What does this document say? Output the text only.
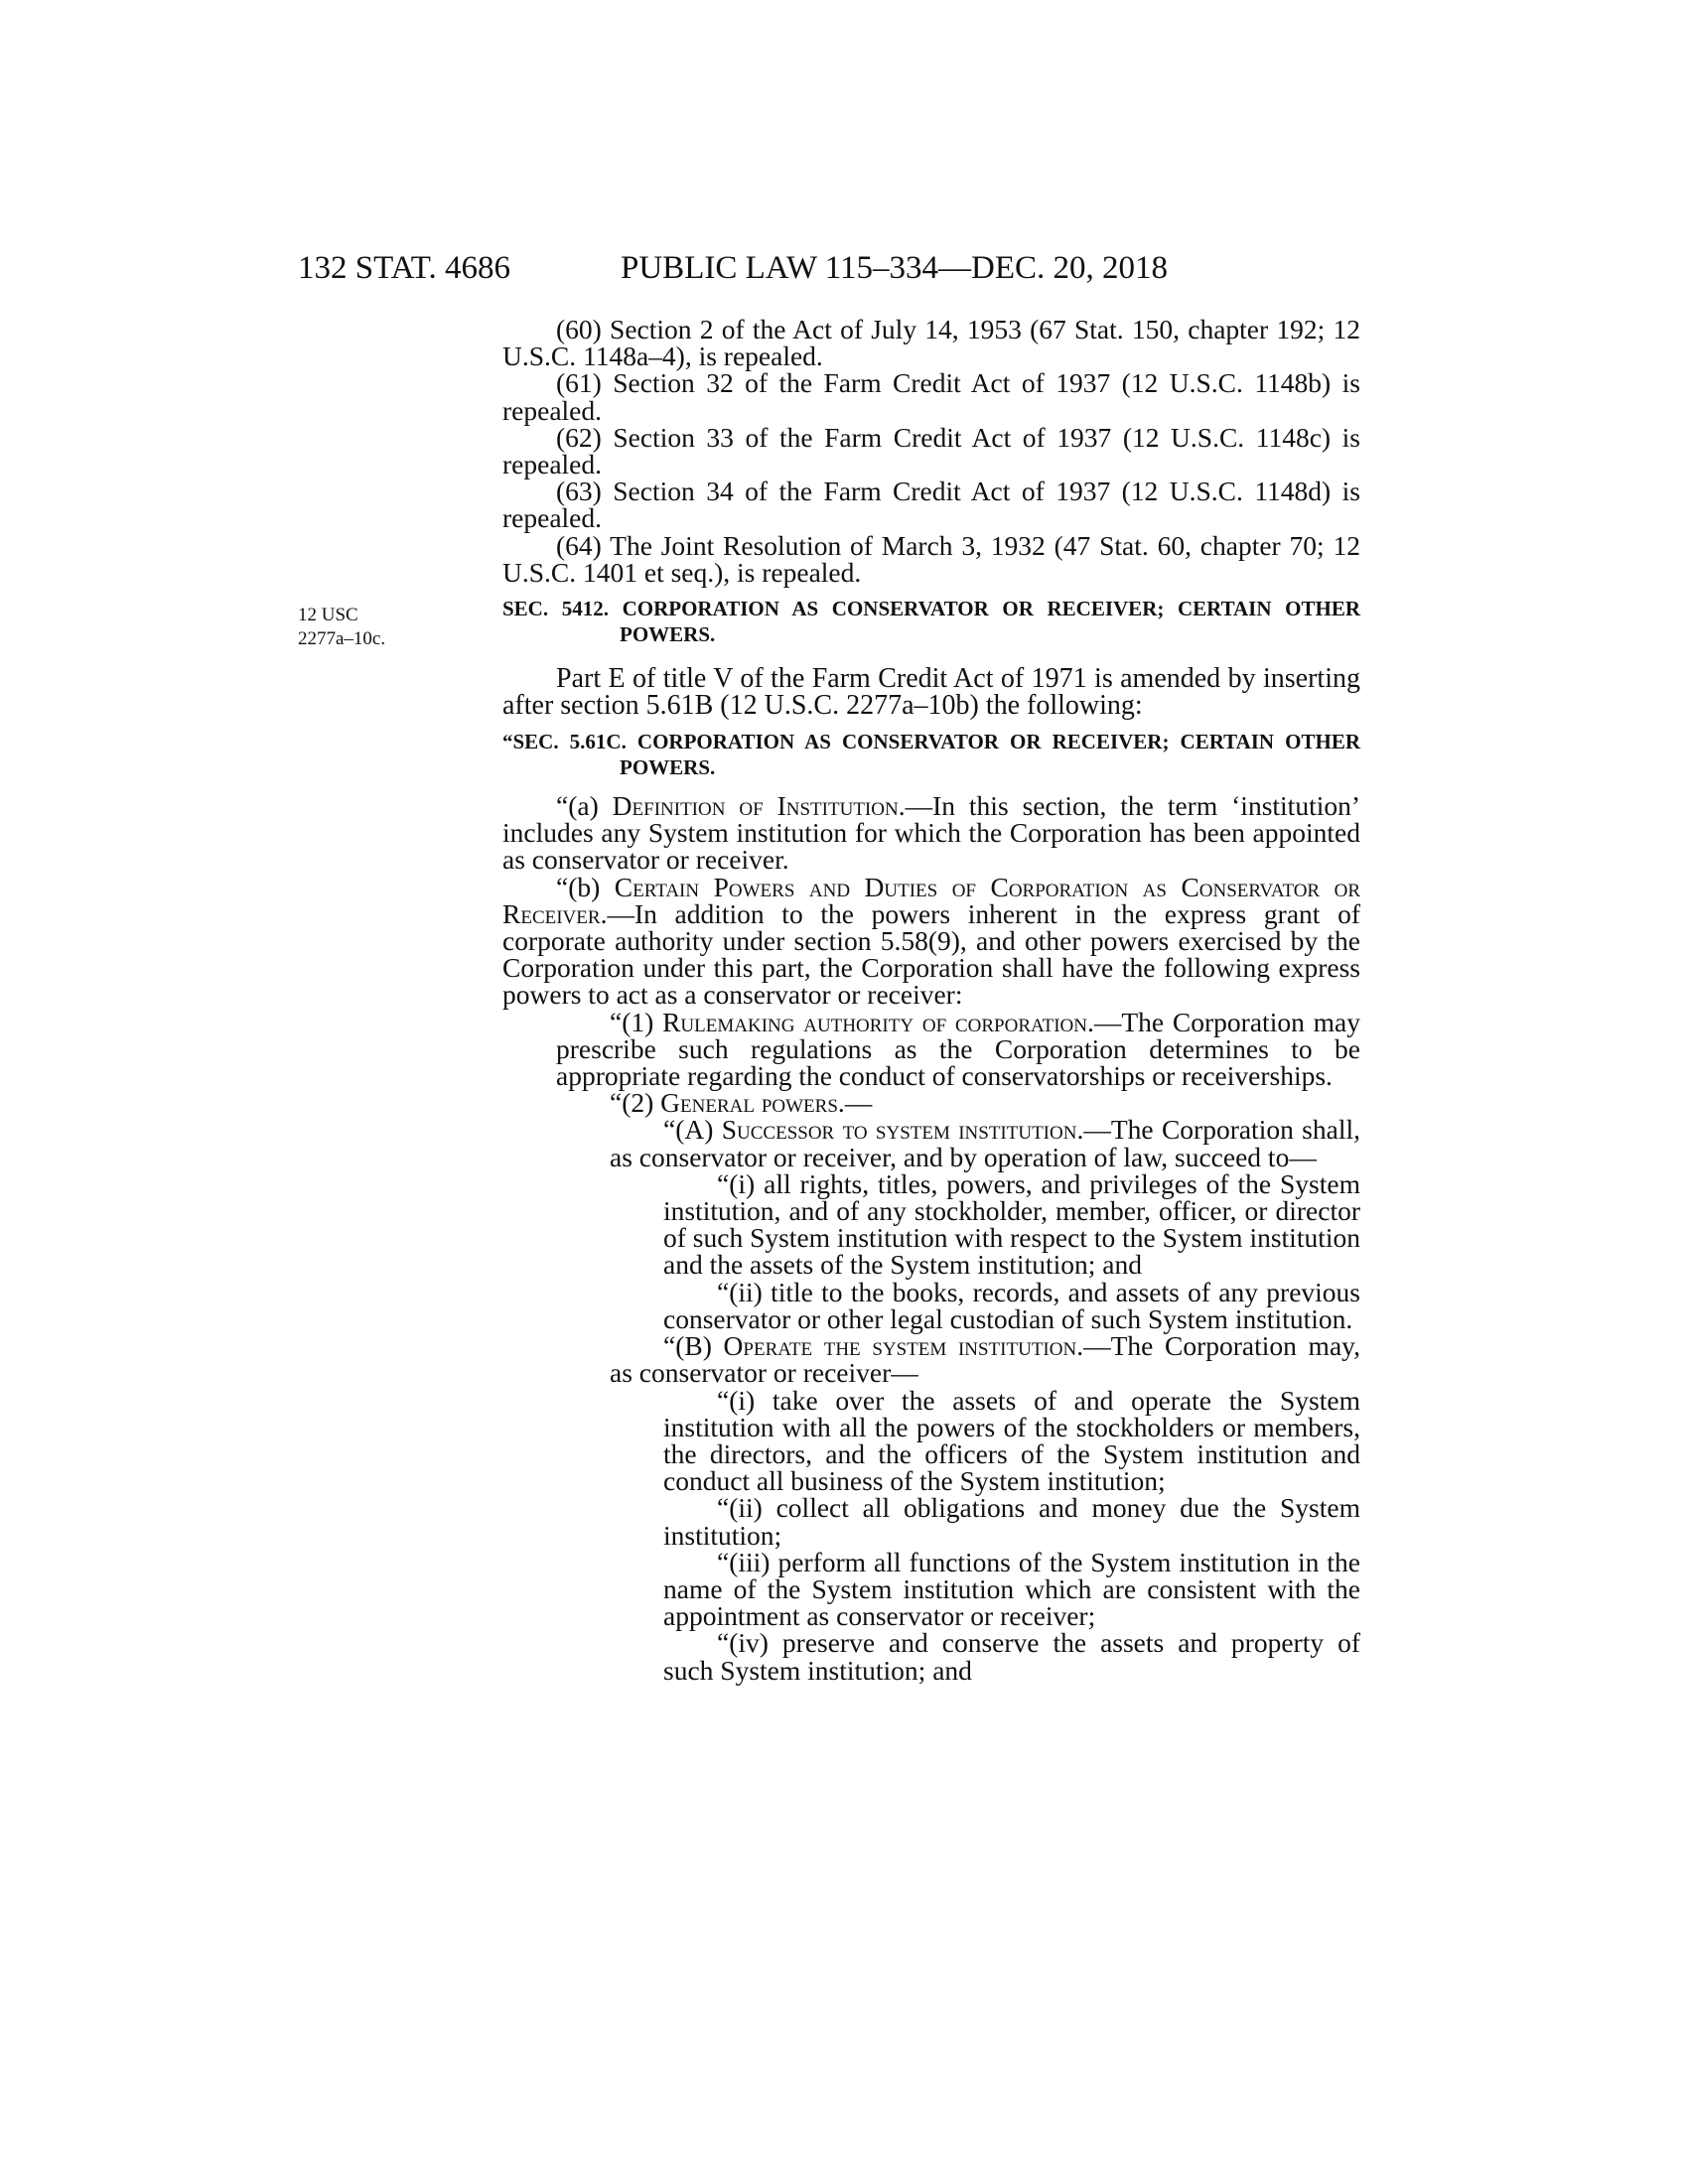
132 STAT. 4686	PUBLIC LAW 115–334—DEC. 20, 2018
12 USC
2277a–10c.

(60) Section 2 of the Act of July 14, 1953 (67 Stat. 150, chapter 192; 12 U.S.C. 1148a–4), is repealed.

(61) Section 32 of the Farm Credit Act of 1937 (12 U.S.C. 1148b) is repealed.

(62) Section 33 of the Farm Credit Act of 1937 (12 U.S.C. 1148c) is repealed.

(63) Section 34 of the Farm Credit Act of 1937 (12 U.S.C. 1148d) is repealed.

(64) The Joint Resolution of March 3, 1932 (47 Stat. 60, chapter 70; 12 U.S.C. 1401 et seq.), is repealed.

SEC. 5412. CORPORATION AS CONSERVATOR OR RECEIVER; CERTAIN OTHER POWERS.

Part E of title V of the Farm Credit Act of 1971 is amended by inserting after section 5.61B (12 U.S.C. 2277a–10b) the following:

“SEC. 5.61C. CORPORATION AS CONSERVATOR OR RECEIVER; CERTAIN OTHER POWERS.

“(a) Definition of Institution.—In this section, the term ‘institution’ includes any System institution for which the Corporation has been appointed as conservator or receiver.

“(b) Certain Powers and Duties of Corporation as Conservator or Receiver.—In addition to the powers inherent in the express grant of corporate authority under section 5.58(9), and other powers exercised by the Corporation under this part, the Corporation shall have the following express powers to act as a conservator or receiver:

“(1) Rulemaking authority of corporation.—The Corporation may prescribe such regulations as the Corporation determines to be appropriate regarding the conduct of conservatorships or receiverships.

“(2) General powers.—

“(A) Successor to system institution.—The Corporation shall, as conservator or receiver, and by operation of law, succeed to—

“(i) all rights, titles, powers, and privileges of the System institution, and of any stockholder, member, officer, or director of such System institution with respect to the System institution and the assets of the System institution; and

“(ii) title to the books, records, and assets of any previous conservator or other legal custodian of such System institution.

“(B) Operate the system institution.—The Corporation may, as conservator or receiver—

“(i) take over the assets of and operate the System institution with all the powers of the stockholders or members, the directors, and the officers of the System institution and conduct all business of the System institution;

“(ii) collect all obligations and money due the System institution;

“(iii) perform all functions of the System institution in the name of the System institution which are consistent with the appointment as conservator or receiver;

“(iv) preserve and conserve the assets and property of such System institution; and
